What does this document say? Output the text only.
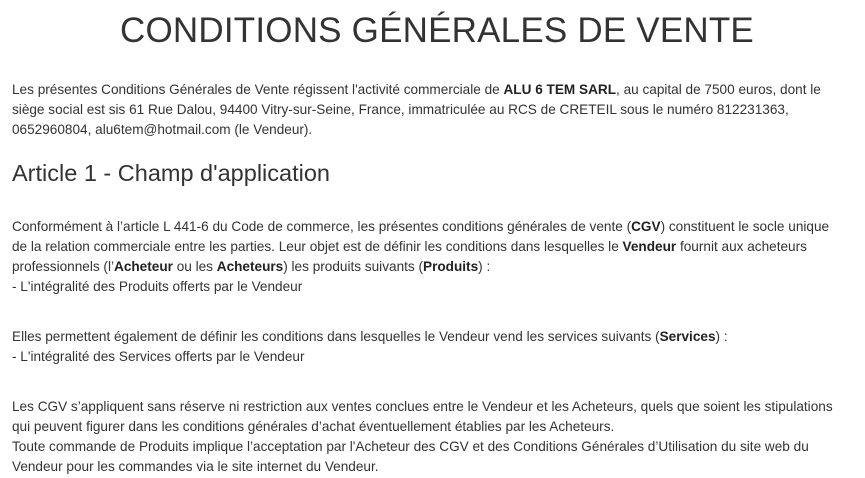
CONDITIONS GÉNÉRALES DE VENTE

Les présentes Conditions Générales de Vente régissent l'activité commerciale de ALU 6 TEM SARL, au capital de 7500 euros, dont le
siège social est sis 61 Rue Dalou, 94400 Vitry-sur-Seine, France, immatriculée au RCS de CRETEIL sous le numéro 812231363,
0652960804, alu6tem@hotmail.com (le Vendeur).

Article 1 - Champ d'application

Conformément à l’article L 441-6 du Code de commerce, les présentes conditions générales de vente (CGV) constituent le socle unique
de la relation commerciale entre les parties. Leur objet est de définir les conditions dans lesquelles le Vendeur fournit aux acheteurs
professionnels (l’Acheteur ou les Acheteurs) les produits suivants (Produits) :
- L'intégralité des Produits offerts par le Vendeur

Elles permettent également de définir les conditions dans lesquelles le Vendeur vend les services suivants (Services) :
- L'intégralité des Services offerts par le Vendeur

Les CGV s’appliquent sans réserve ni restriction aux ventes conclues entre le Vendeur et les Acheteurs, quels que soient les stipulations
qui peuvent figurer dans les conditions générales d’achat éventuellement établies par les Acheteurs.
Toute commande de Produits implique l’acceptation par l'Acheteur des CGV et des Conditions Générales d’Utilisation du site web du
Vendeur pour les commandes via le site internet du Vendeur.
